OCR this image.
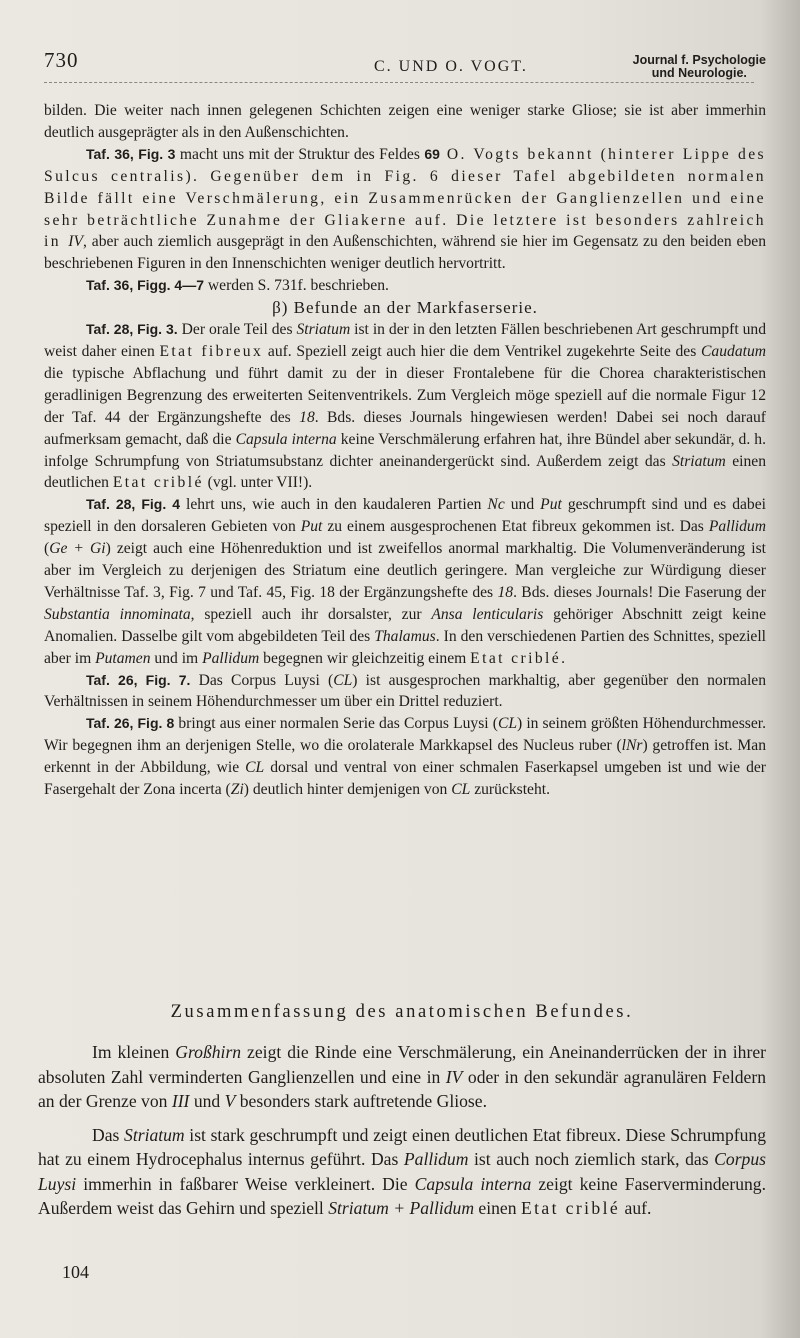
730	C. UND O. VOGT.	Journal f. Psychologie
und Neurologie.

bilden. Die weiter nach innen gelegenen Schichten zeigen eine weniger starke Gliose; sie ist aber immerhin deutlich ausgeprägter als in den Außenschichten.

Taf. 36, Fig. 3 macht uns mit der Struktur des Feldes 69 O. Vogts bekannt (hinterer Lippe des Sulcus centralis). Gegenüber dem in Fig. 6 dieser Tafel abgebildeten normalen Bilde fällt eine Verschmälerung, ein Zusammenrücken der Ganglienzellen und eine sehr beträchtliche Zunahme der Gliakerne auf. Die letztere ist besonders zahlreich in IV, aber auch ziemlich ausgeprägt in den Außenschichten, während sie hier im Gegensatz zu den beiden eben beschriebenen Figuren in den Innenschichten weniger deutlich hervortritt.

Taf. 36, Figg. 4—7 werden S. 731f. beschrieben.

β) Befunde an der Markfaserserie.

Taf. 28, Fig. 3. Der orale Teil des Striatum ist in der in den letzten Fällen beschriebenen Art geschrumpft und weist daher einen Etat fibreux auf. Speziell zeigt auch hier die dem Ventrikel zugekehrte Seite des Caudatum die typische Abflachung und führt damit zu der in dieser Frontalebene für die Chorea charakteristischen geradlinigen Begrenzung des erweiterten Seitenventrikels. Zum Vergleich möge speziell auf die normale Figur 12 der Taf. 44 der Ergänzungshefte des 18. Bds. dieses Journals hingewiesen werden! Dabei sei noch darauf aufmerksam gemacht, daß die Capsula interna keine Verschmälerung erfahren hat, ihre Bündel aber sekundär, d. h. infolge Schrumpfung von Striatumsubstanz dichter aneinandergerückt sind. Außerdem zeigt das Striatum einen deutlichen Etat criblé (vgl. unter VII!).

Taf. 28, Fig. 4 lehrt uns, wie auch in den kaudaleren Partien Nc und Put geschrumpft sind und es dabei speziell in den dorsaleren Gebieten von Put zu einem ausgesprochenen Etat fibreux gekommen ist. Das Pallidum (Ge + Gi) zeigt auch eine Höhenreduktion und ist zweifellos anormal markhaltig. Die Volumenveränderung ist aber im Vergleich zu derjenigen des Striatum eine deutlich geringere. Man vergleiche zur Würdigung dieser Verhältnisse Taf. 3, Fig. 7 und Taf. 45, Fig. 18 der Ergänzungshefte des 18. Bds. dieses Journals! Die Faserung der Substantia innominata, speziell auch ihr dorsalster, zur Ansa lenticularis gehöriger Abschnitt zeigt keine Anomalien. Dasselbe gilt vom abgebildeten Teil des Thalamus. In den verschiedenen Partien des Schnittes, speziell aber im Putamen und im Pallidum begegnen wir gleichzeitig einem Etat criblé.

Taf. 26, Fig. 7. Das Corpus Luysi (CL) ist ausgesprochen markhaltig, aber gegenüber den normalen Verhältnissen in seinem Höhendurchmesser um über ein Drittel reduziert.

Taf. 26, Fig. 8 bringt aus einer normalen Serie das Corpus Luysi (CL) in seinem größten Höhendurchmesser. Wir begegnen ihm an derjenigen Stelle, wo die orolaterale Markkapsel des Nucleus ruber (lNr) getroffen ist. Man erkennt in der Abbildung, wie CL dorsal und ventral von einer schmalen Faserkapsel umgeben ist und wie der Fasergehalt der Zona incerta (Zi) deutlich hinter demjenigen von CL zurücksteht.

Zusammenfassung des anatomischen Befundes.

Im kleinen Großhirn zeigt die Rinde eine Verschmälerung, ein Aneinanderrücken der in ihrer absoluten Zahl verminderten Ganglienzellen und eine in IV oder in den sekundär agranulären Feldern an der Grenze von III und V besonders stark auftretende Gliose.

Das Striatum ist stark geschrumpft und zeigt einen deutlichen Etat fibreux. Diese Schrumpfung hat zu einem Hydrocephalus internus geführt. Das Pallidum ist auch noch ziemlich stark, das Corpus Luysi immerhin in faßbarer Weise verkleinert. Die Capsula interna zeigt keine Faserverminderung. Außerdem weist das Gehirn und speziell Striatum + Pallidum einen Etat criblé auf.

104
